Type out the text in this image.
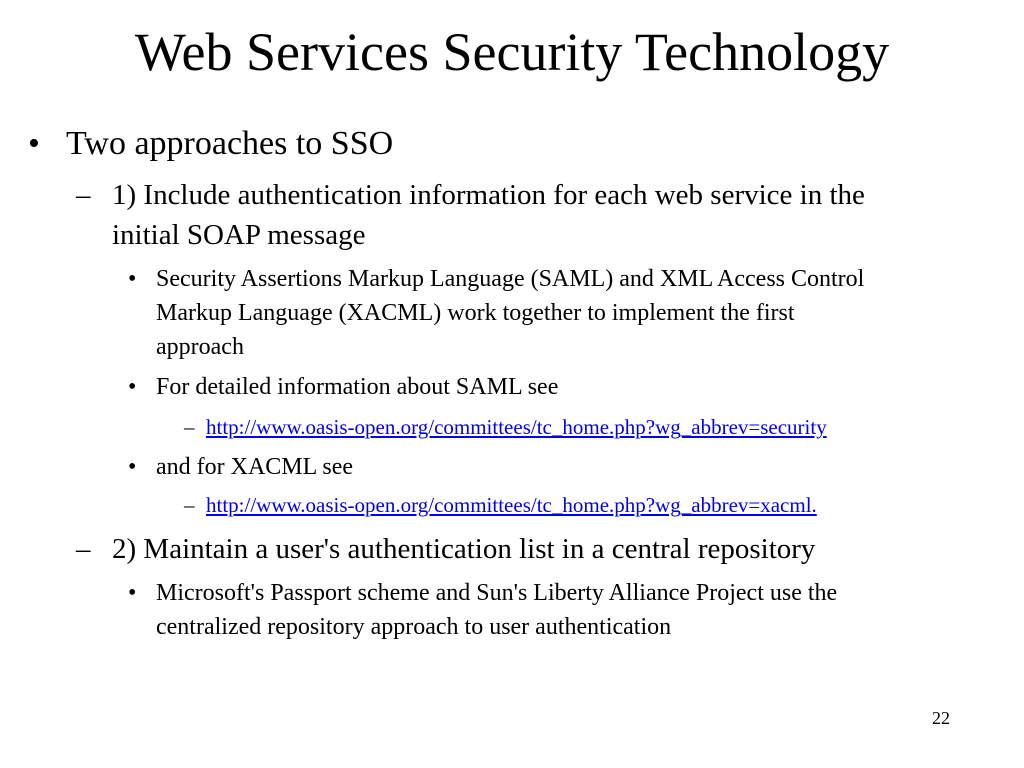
Web Services Security Technology
• Two approaches to SSO
– 1) Include authentication information for each web service in the
initial SOAP message
• Security Assertions Markup Language (SAML) and XML Access Control
Markup Language (XACML) work together to implement the first
approach
• For detailed information about SAML see
– http://www.oasis-open.org/committees/tc_home.php?wg_abbrev=security
• and for XACML see
– http://www.oasis-open.org/committees/tc_home.php?wg_abbrev=xacml.
– 2) Maintain a user's authentication list in a central repository
• Microsoft's Passport scheme and Sun's Liberty Alliance Project use the
centralized repository approach to user authentication
22
